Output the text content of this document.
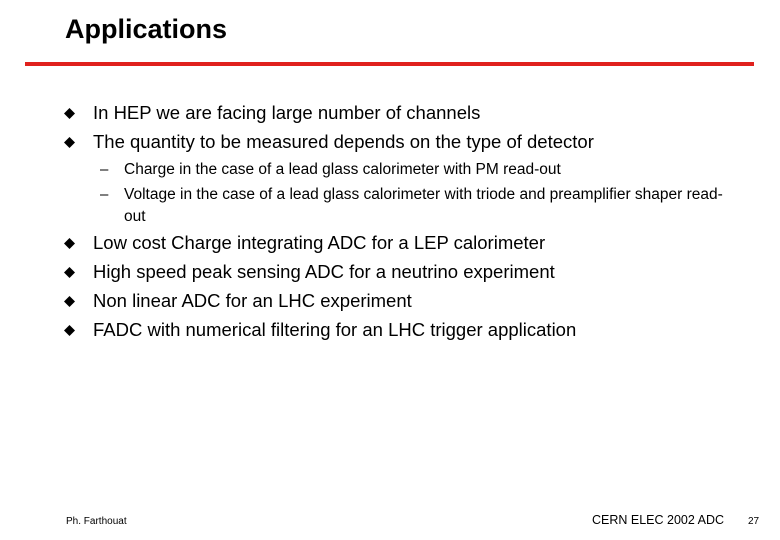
Applications
In HEP we are facing large number of channels
The quantity to be measured depends on the type of detector
–	Charge in the case of a lead glass calorimeter with PM read-out
–	Voltage in the case of a lead glass calorimeter with triode and preamplifier shaper read-out
Low cost Charge integrating ADC for a LEP calorimeter
High speed peak sensing ADC for a neutrino experiment
Non linear ADC for an LHC experiment
FADC with numerical filtering for an LHC trigger application
Ph. Farthouat	CERN ELEC 2002 ADC 27
